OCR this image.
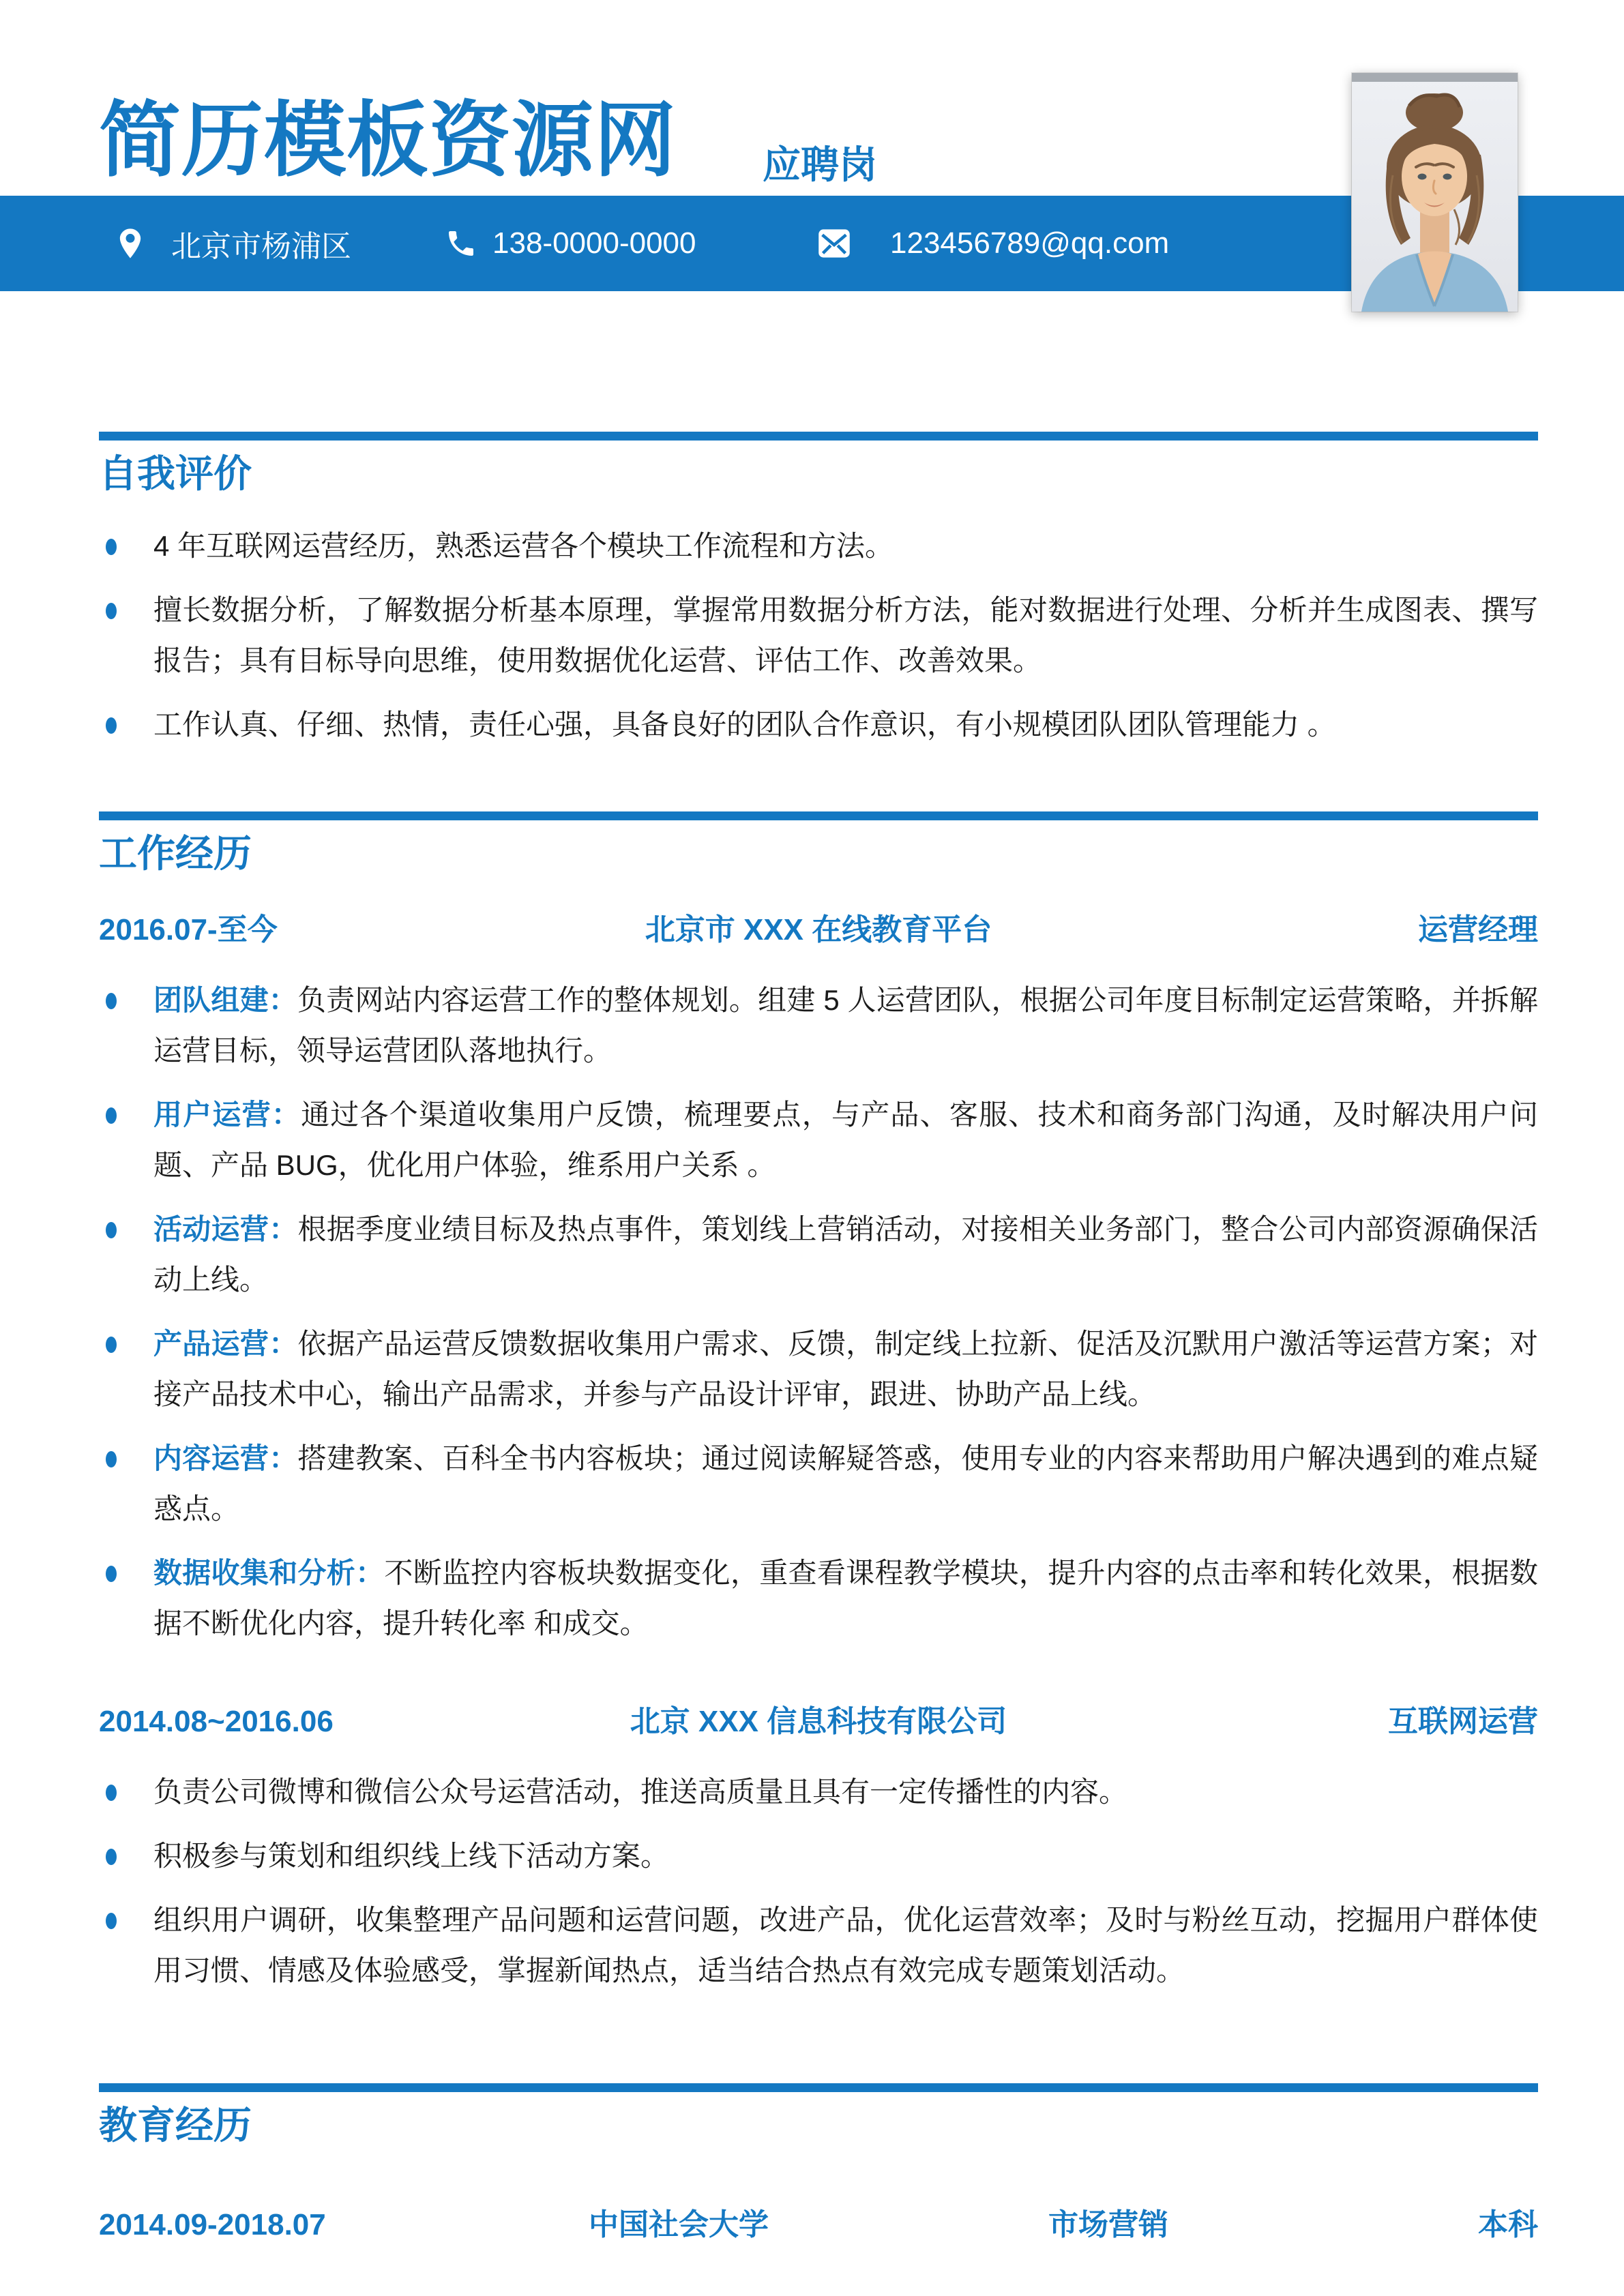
简历模板资源网 应聘岗
北京市杨浦区	138-0000-0000	123456789@qq.com
自我评价
4 年互联网运营经历，熟悉运营各个模块工作流程和方法。
擅长数据分析，了解数据分析基本原理，掌握常用数据分析方法，能对数据进行处理、分析并生成图表、撰写报告；具有目标导向思维，使用数据优化运营、评估工作、改善效果。
工作认真、仔细、热情，责任心强，具备良好的团队合作意识，有小规模团队团队管理能力 。
工作经历
2016.07-至今	北京市 XXX 在线教育平台	运营经理
团队组建：负责网站内容运营工作的整体规划。组建 5 人运营团队，根据公司年度目标制定运营策略，并拆解运营目标，领导运营团队落地执行。
用户运营：通过各个渠道收集用户反馈，梳理要点，与产品、客服、技术和商务部门沟通，及时解决用户问题、产品 BUG，优化用户体验，维系用户关系 。
活动运营：根据季度业绩目标及热点事件，策划线上营销活动，对接相关业务部门，整合公司内部资源确保活动上线。
产品运营：依据产品运营反馈数据收集用户需求、反馈，制定线上拉新、促活及沉默用户激活等运营方案；对接产品技术中心，输出产品需求，并参与产品设计评审，跟进、协助产品上线。
内容运营：搭建教案、百科全书内容板块；通过阅读解疑答惑，使用专业的内容来帮助用户解决遇到的难点疑惑点。
数据收集和分析：不断监控内容板块数据变化，重查看课程教学模块，提升内容的点击率和转化效果，根据数据不断优化内容，提升转化率 和成交。
2014.08~2016.06	北京 XXX 信息科技有限公司	互联网运营
负责公司微博和微信公众号运营活动，推送高质量且具有一定传播性的内容。
积极参与策划和组织线上线下活动方案。
组织用户调研，收集整理产品问题和运营问题，改进产品，优化运营效率；及时与粉丝互动，挖掘用户群体使用习惯、情感及体验感受，掌握新闻热点，适当结合热点有效完成专题策划活动。
教育经历
2014.09-2018.07	中国社会大学	市场营销	本科
